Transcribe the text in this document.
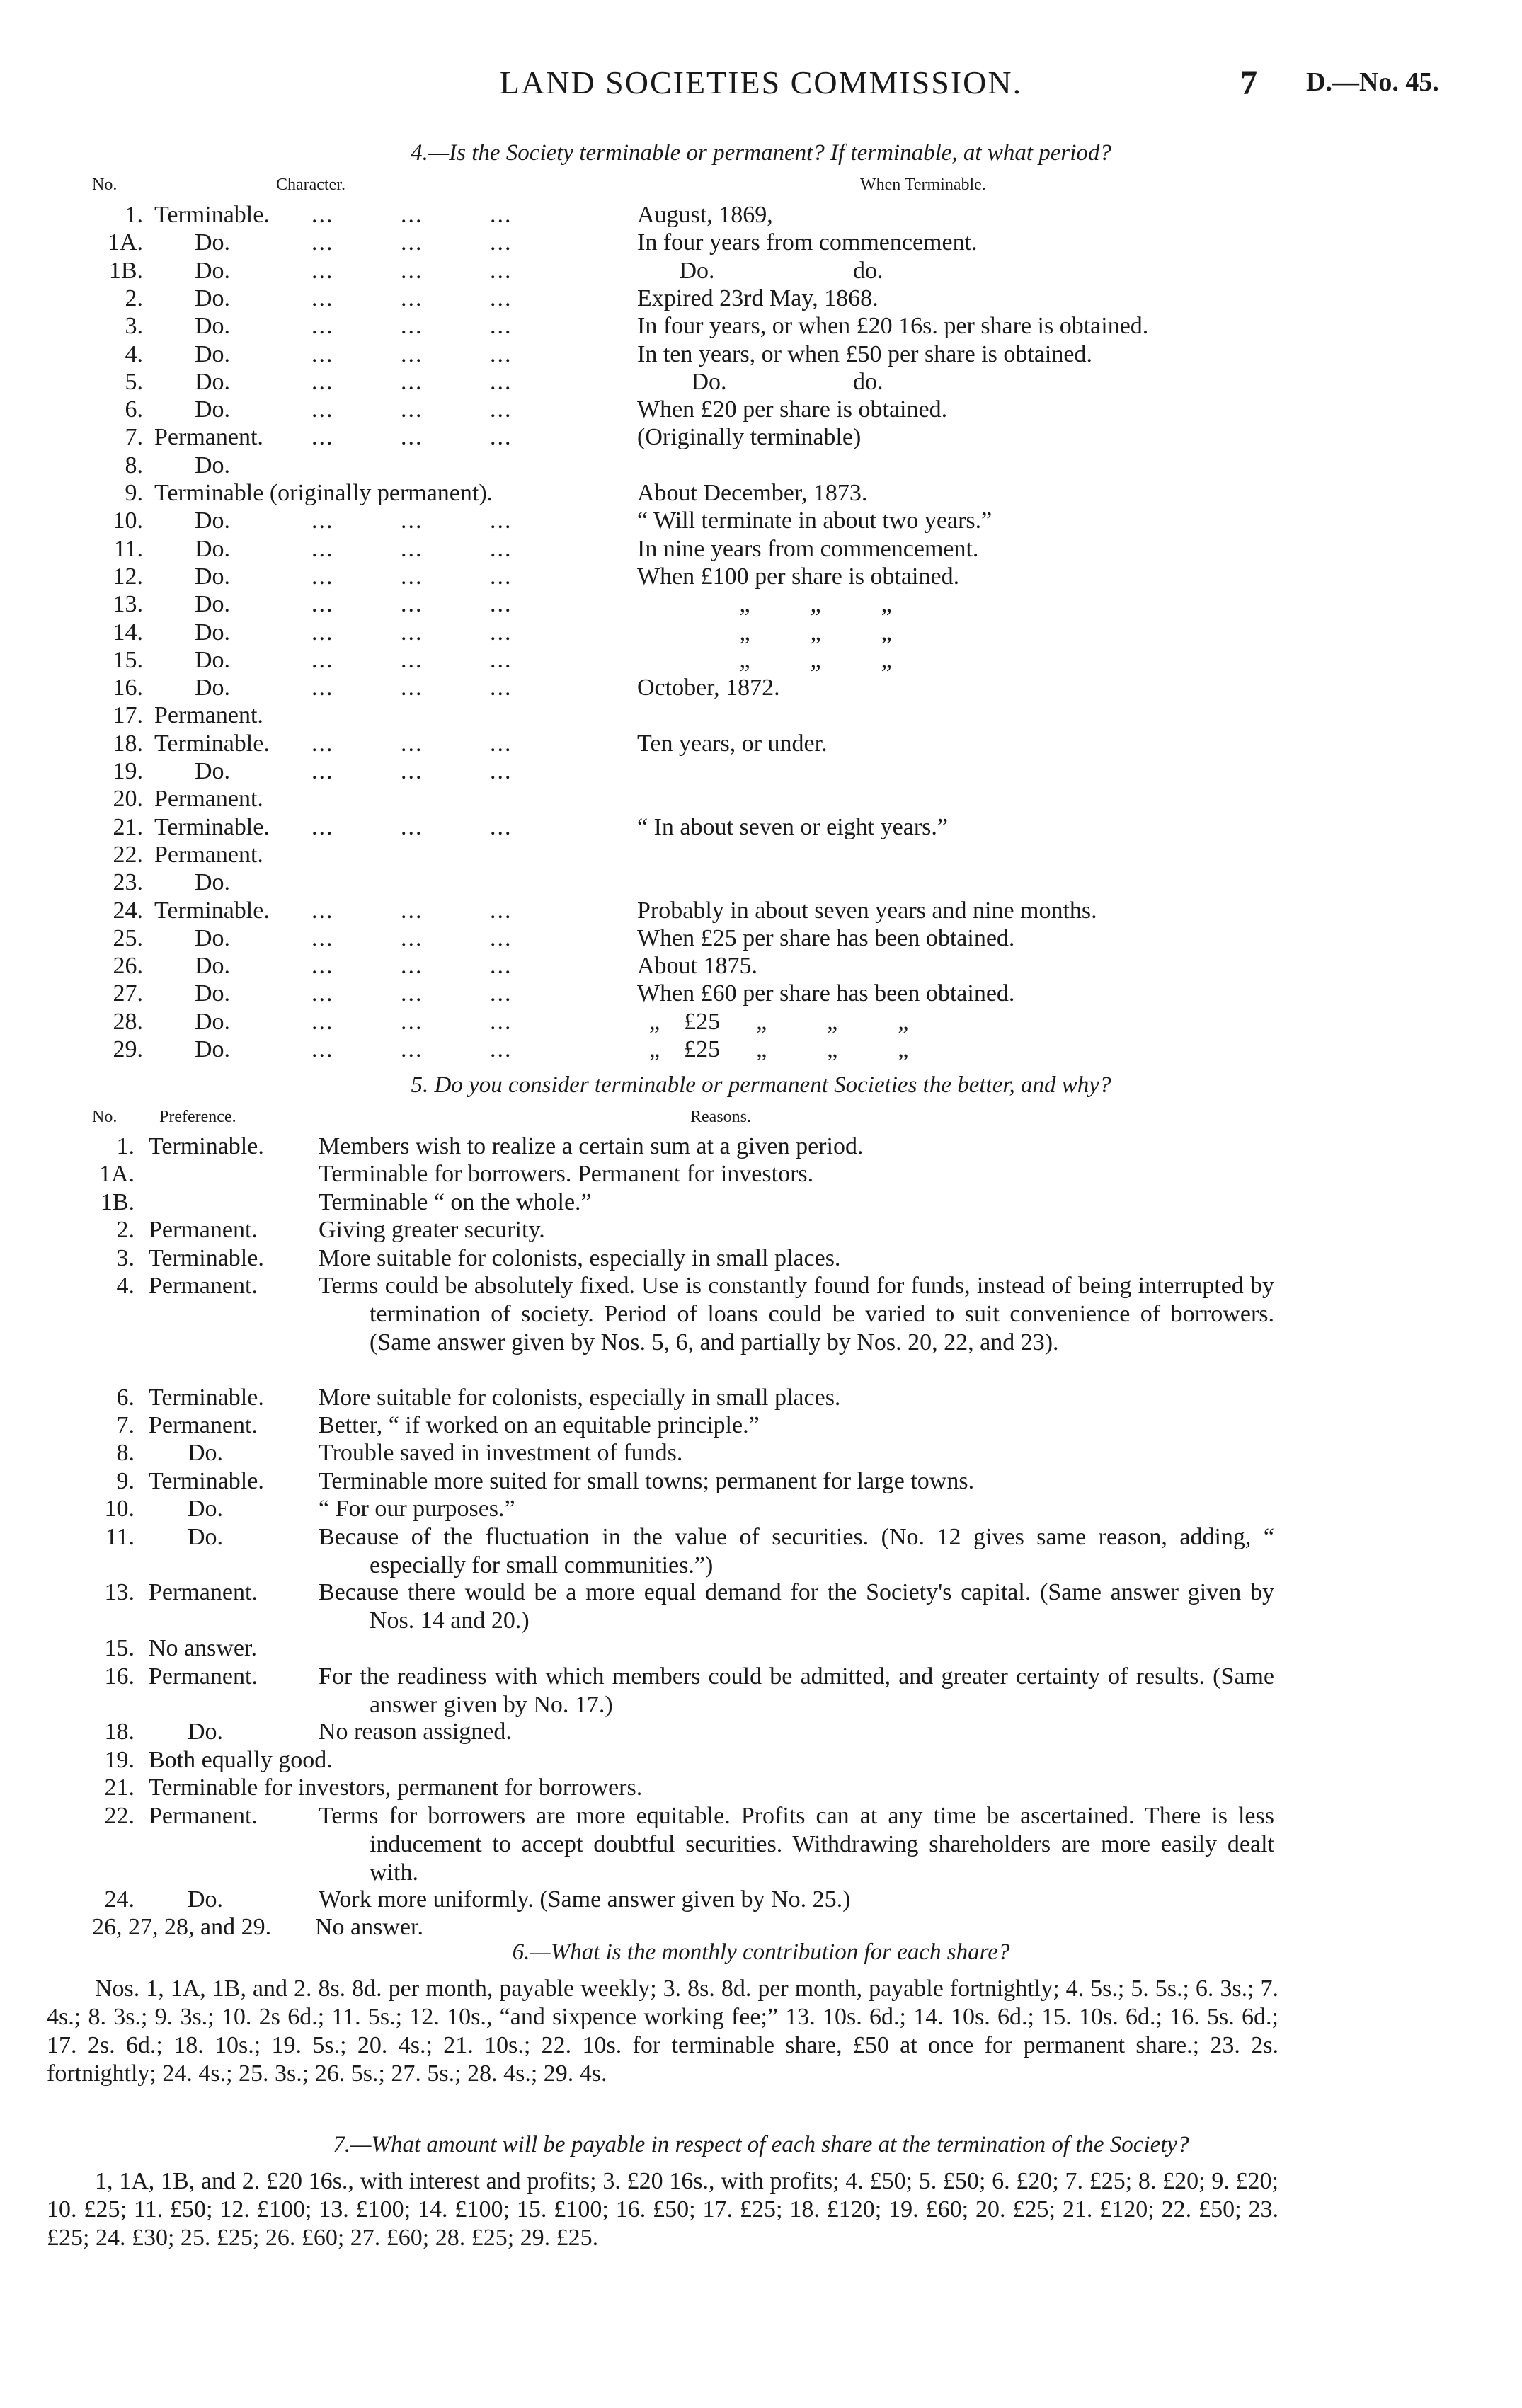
LAND SOCIETIES COMMISSION.	7 D.—No. 45.
4.—Is the Society terminable or permanent? If terminable, at what period?
No.	Character.	When Terminable.
1. Terminable. ...         ...         ...	August, 1869,
1A. Do.	...         ...         ...	In four years from commencement.
1B. Do.	...         ...         ...	Do.                       do.
2. Do.	...         ...         ...	Expired 23rd May, 1868.
3. Do.	...         ...         ...	In four years, or when £20 16s. per share is obtained.
4. Do.	...         ...         ...	In ten years, or when £50 per share is obtained.
5. Do.	...         ...         ...	Do.                     do.
6. Do.	...         ...         ...	When £20 per share is obtained.
7. Permanent. ...         ...         ...	(Originally terminable)
8. Do.
9. Terminable (originally permanent).	About December, 1873.
10. Do.	...         ...         ...	“ Will terminate in about two years.”
11. Do.	...         ...         ...	In nine years from commencement.
12. Do.	...         ...         ...	When £100 per share is obtained.
13. Do.	...         ...         ...	„          „          „
14. Do.	...         ...         ...	„          „          „
15. Do.	...         ...         ...	„          „          „
16. Do.	...         ...         ...	October, 1872.
17. Permanent.
18. Terminable. ...         ...         ...	Ten years, or under.
19. Do.	...         ...         ...
20. Permanent.
21. Terminable. ...         ...         ...	“ In about seven or eight years.”
22. Permanent.
23. Do.
24. Terminable. ...         ...         ...	Probably in about seven years and nine months.
25. Do.	...         ...         ...	When £25 per share has been obtained.
26. Do.	...         ...         ...	About 1875.
27. Do.	...         ...         ...	When £60 per share has been obtained.
28. Do.	...         ...         ...	„    £25      „          „          „
29. Do.	...         ...         ...	„    £25      „          „          „
5. Do you consider terminable or permanent Societies the better, and why?
No. Preference.	Reasons.
1. Terminable. Members wish to realize a certain sum at a given period.
1A.	Terminable for borrowers. Permanent for investors.
1B.	Terminable “ on the whole.”
2. Permanent.	Giving greater security.
3. Terminable. More suitable for colonists, especially in small places.
4. Permanent.	Terms could be absolutely fixed. Use is constantly found for funds, instead of being interrupted by termination of society. Period of loans could be varied to suit convenience of borrowers. (Same answer given by Nos. 5, 6, and partially by Nos. 20, 22, and 23).
6. Terminable. More suitable for colonists, especially in small places.
7. Permanent.	Better, “ if worked on an equitable principle.”
8. Do.	Trouble saved in investment of funds.
9. Terminable. Terminable more suited for small towns; permanent for large towns.
10. Do.	“ For our purposes.”
11. Do.	Because of the fluctuation in the value of securities. (No. 12 gives same reason, adding, “ especially for small communities.”)
13. Permanent.	Because there would be a more equal demand for the Society's capital. (Same answer given by Nos. 14 and 20.)
15. No answer.
16. Permanent.	For the readiness with which members could be admitted, and greater certainty of results. (Same answer given by No. 17.)
18. Do.	No reason assigned.
19. Both equally good.
21. Terminable for investors, permanent for borrowers.
22. Permanent.	Terms for borrowers are more equitable. Profits can at any time be ascertained. There is less inducement to accept doubtful securities. Withdrawing shareholders are more easily dealt with.
24. Do.	Work more uniformly. (Same answer given by No. 25.)
26, 27, 28, and 29. No answer.
6.—What is the monthly contribution for each share?
Nos. 1, 1A, 1B, and 2. 8s. 8d. per month, payable weekly; 3. 8s. 8d. per month, payable fortnightly; 4. 5s.; 5. 5s.; 6. 3s.; 7. 4s.; 8. 3s.; 9. 3s.; 10. 2s 6d.; 11. 5s.; 12. 10s., “and sixpence working fee;” 13. 10s. 6d.; 14. 10s. 6d.; 15. 10s. 6d.; 16. 5s. 6d.; 17. 2s. 6d.; 18. 10s.; 19. 5s.; 20. 4s.; 21. 10s.; 22. 10s. for terminable share, £50 at once for permanent share.; 23. 2s. fortnightly; 24. 4s.; 25. 3s.; 26. 5s.; 27. 5s.; 28. 4s.; 29. 4s.
7.—What amount will be payable in respect of each share at the termination of the Society?
1, 1A, 1B, and 2. £20 16s., with interest and profits; 3. £20 16s., with profits; 4. £50; 5. £50; 6. £20; 7. £25; 8. £20; 9. £20; 10. £25; 11. £50; 12. £100; 13. £100; 14. £100; 15. £100; 16. £50; 17. £25; 18. £120; 19. £60; 20. £25; 21. £120; 22. £50; 23. £25; 24. £30; 25. £25; 26. £60; 27. £60; 28. £25; 29. £25.
